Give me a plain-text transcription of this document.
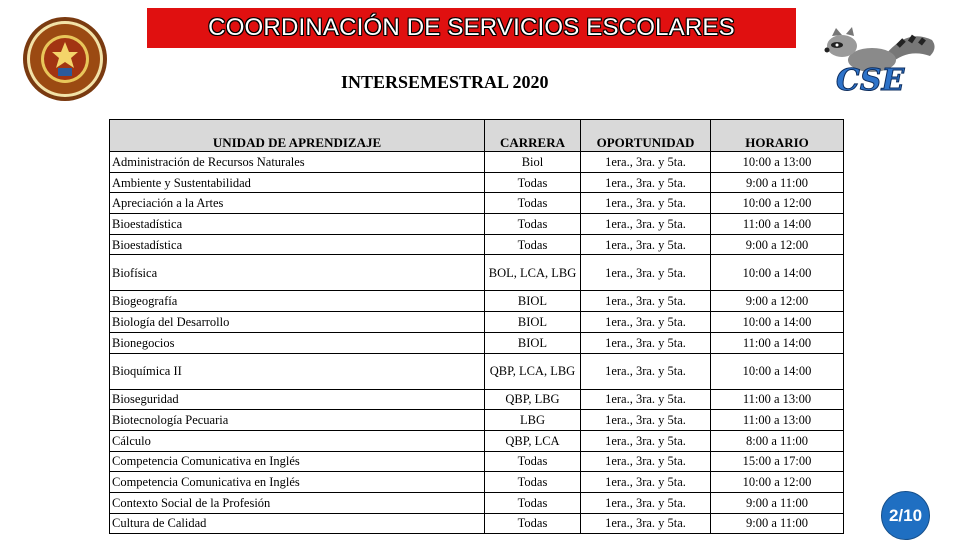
COORDINACIÓN DE SERVICIOS ESCOLARES
INTERSEMESTRAL 2020	CSE
UNIDAD DE APRENDIZAJE	CARRERA	OPORTUNIDAD	HORARIO
Administración de Recursos Naturales	Biol	1era., 3ra. y 5ta.	10:00 a 13:00
Ambiente y Sustentabilidad	Todas	1era., 3ra. y 5ta.	9:00 a 11:00
Apreciación a la Artes	Todas	1era., 3ra. y 5ta.	10:00 a 12:00
Bioestadística	Todas	1era., 3ra. y 5ta.	11:00 a 14:00
Bioestadística	Todas	1era., 3ra. y 5ta.	9:00 a 12:00
Biofísica	BOL, LCA, LBG	1era., 3ra. y 5ta.	10:00 a 14:00
Biogeografía	BIOL	1era., 3ra. y 5ta.	9:00 a 12:00
Biología del Desarrollo	BIOL	1era., 3ra. y 5ta.	10:00 a 14:00
Bionegocios	BIOL	1era., 3ra. y 5ta.	11:00 a 14:00
Bioquímica II	QBP, LCA, LBG	1era., 3ra. y 5ta.	10:00 a 14:00
Bioseguridad	QBP, LBG	1era., 3ra. y 5ta.	11:00 a 13:00
Biotecnología Pecuaria	LBG	1era., 3ra. y 5ta.	11:00 a 13:00
Cálculo	QBP, LCA	1era., 3ra. y 5ta.	8:00 a 11:00
Competencia Comunicativa en Inglés	Todas	1era., 3ra. y 5ta.	15:00 a 17:00
Competencia Comunicativa en Inglés	Todas	1era., 3ra. y 5ta.	10:00 a 12:00
Contexto Social de la Profesión	Todas	1era., 3ra. y 5ta.	9:00 a 11:00
Cultura de Calidad	Todas	1era., 3ra. y 5ta.	9:00 a 11:00	2/10
